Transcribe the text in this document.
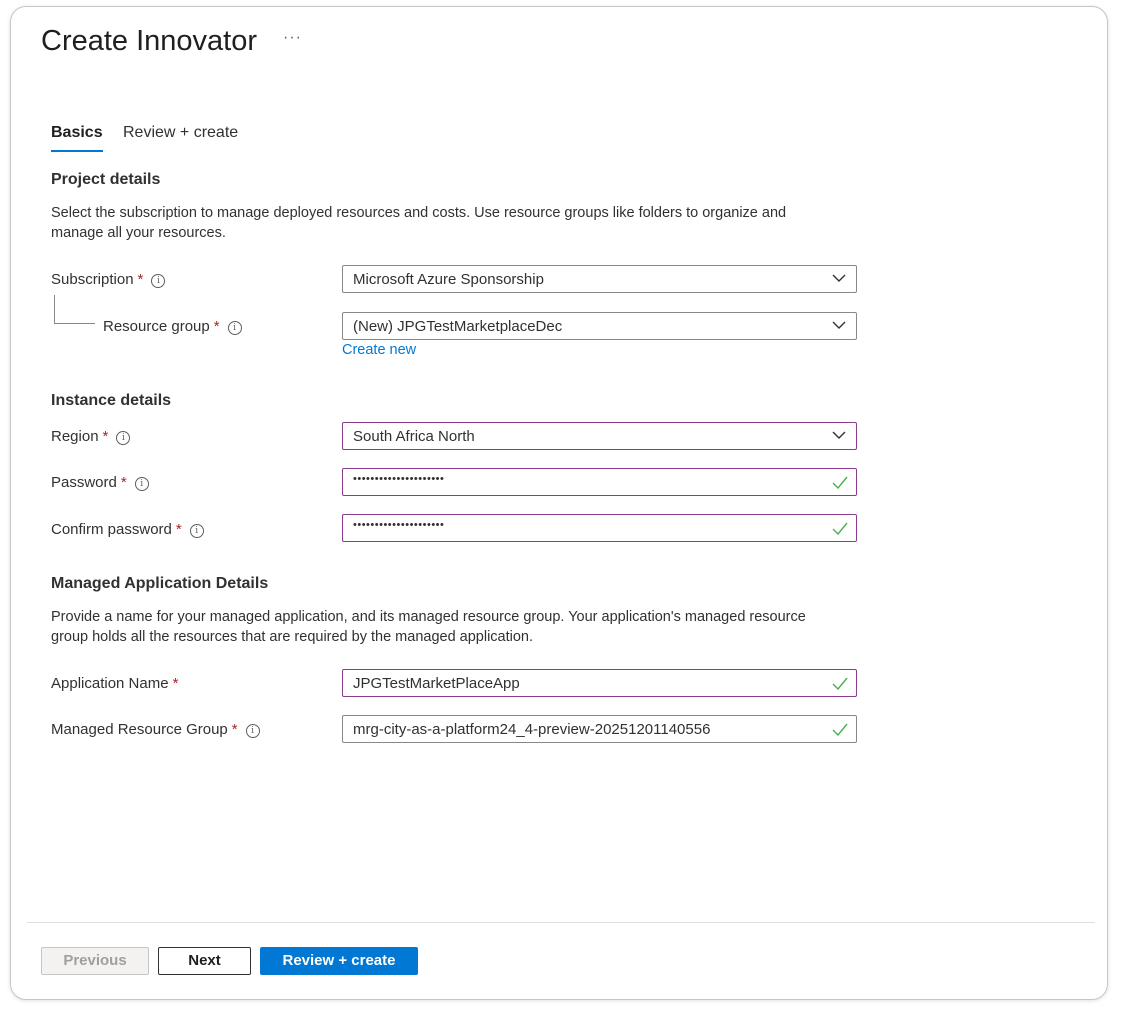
Create Innovator ···
Basics Review + create
Project details
Select the subscription to manage deployed resources and costs. Use resource groups like folders to organize and manage all your resources.
Subscription * i	Microsoft Azure Sponsorship
Resource group * i	(New) JPGTestMarketplaceDec
Create new
Instance details
Region * i	South Africa North
Password * i	•••••••••••••••••••••
Confirm password * i	•••••••••••••••••••••
Managed Application Details
Provide a name for your managed application, and its managed resource group. Your application's managed resource group holds all the resources that are required by the managed application.
Application Name *	JPGTestMarketPlaceApp
Managed Resource Group * i	mrg-city-as-a-platform24_4-preview-20251201140556
Previous	Next	Review + create
